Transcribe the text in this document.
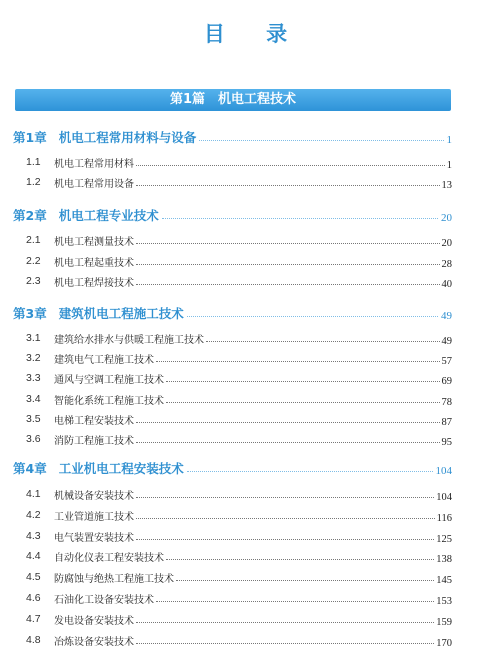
目 录
第1篇　机电工程技术
第1章 机电工程常用材料与设备	1
1.1	机电工程常用材料	1
1.2	机电工程常用设备	13
第2章 机电工程专业技术	20
2.1	机电工程测量技术	20
2.2	机电工程起重技术	28
2.3	机电工程焊接技术	40
第3章 建筑机电工程施工技术	49
3.1	建筑给水排水与供暖工程施工技术	49
3.2	建筑电气工程施工技术	57
3.3	通风与空调工程施工技术	69
3.4	智能化系统工程施工技术	78
3.5	电梯工程安装技术	87
3.6	消防工程施工技术	95
第4章 工业机电工程安装技术	104
4.1	机械设备安装技术	104
4.2	工业管道施工技术	116
4.3	电气装置安装技术	125
4.4	自动化仪表工程安装技术	138
4.5	防腐蚀与绝热工程施工技术	145
4.6	石油化工设备安装技术	153
4.7	发电设备安装技术	159
4.8	冶炼设备安装技术	170
